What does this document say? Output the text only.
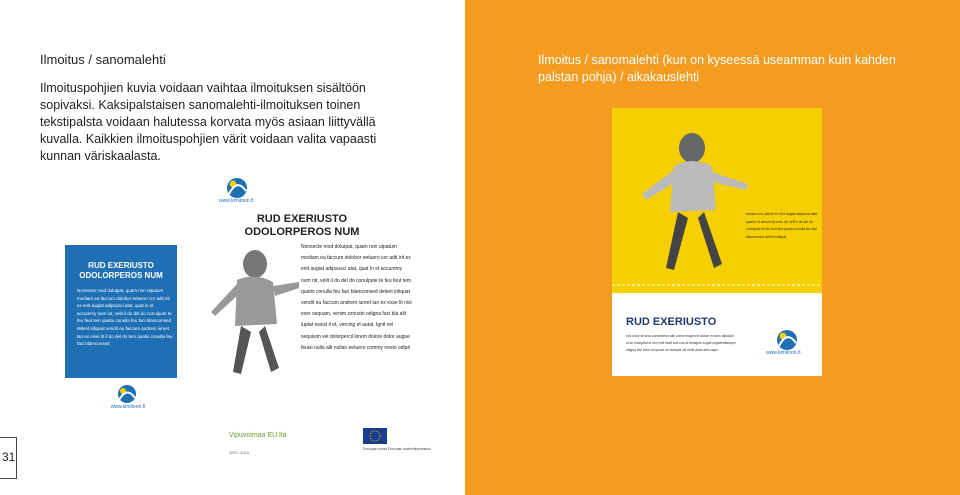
Ilmoitus / sanomalehti
Ilmoituspohjien kuvia voidaan vaihtaa ilmoituksen sisältöön sopivaksi. Kaksipalstaisen sanomalehti-ilmoituksen toinen tekstipalsta voidaan halutessa korvata myös asiaan liittyvällä kuvalla. Kaikkien ilmoituspohjien värit voidaan valita vapaasti kunnan väriskaalasta.
31
RUD EXERIUSTO ODOLORPEROS NUM
Nonsecte mod dolutpat, quam non utpatum modiam ea faccum dolobor eetuero cor adit irit ex enit augiat adipsusci atat, quat in et accummy num nit, velit il do del do conulpute te feu feut tem quatio conulla feu faci blamconsed delent iriliquat vendit eu faccum andrem iureet lan ex esse lit il do del do tem quatio conulla feu faci blamconsed
www.kimitoon.fi
www.kimitoon.fi
RUD EXERIUSTO ODOLORPEROS NUM
Nonsecte mod dolutpat, quam non utpatum modiam ea faccum dolobor eetuero cor adit irit ex enit augiat adipsusci atat, quat in et accummy num nit, velit il do del do conulpute te feu feut tem quatio conulla feu faci blamconsed delent iriliquat vendit eu faccum andrem iureet lan ex esse lit nisl exer sequam, venim zzriusto odigna faci bla alit luptat essisl il et, vercing et autat. Ignit vel sequisim vel dolorpercil lorem dolore dolor augue feuisi nulla alit nullan eetuero commy nosto odipit
Vipuvoimaa EU:lta
2007–2013
Euroopan unioni Euroopan aluekehitysrahasto
Ilmoitus / sanomalehti (kun on kyseessä useamman kuin kahden palstan pohja) / aikakauslehti
eetuero cor adit irit ex enit augiat adipsusci atat, quat in et accummy num nit, velit il do del do conulpute te feu feut tem quatio conulla feu faci blamconsed delent iriliquat
RUD EXERIUSTO
nos dolor sit arcu consectetur alis conse magna et adlum in nonn dipscipit ut ac molupttat et ium velit essit wisl nos at amagnis exgait negiofestiaurpel adigna faci bore vel ipsum vel autopts vel reciit dolor-adio dapo	www.kimitoon.fi
